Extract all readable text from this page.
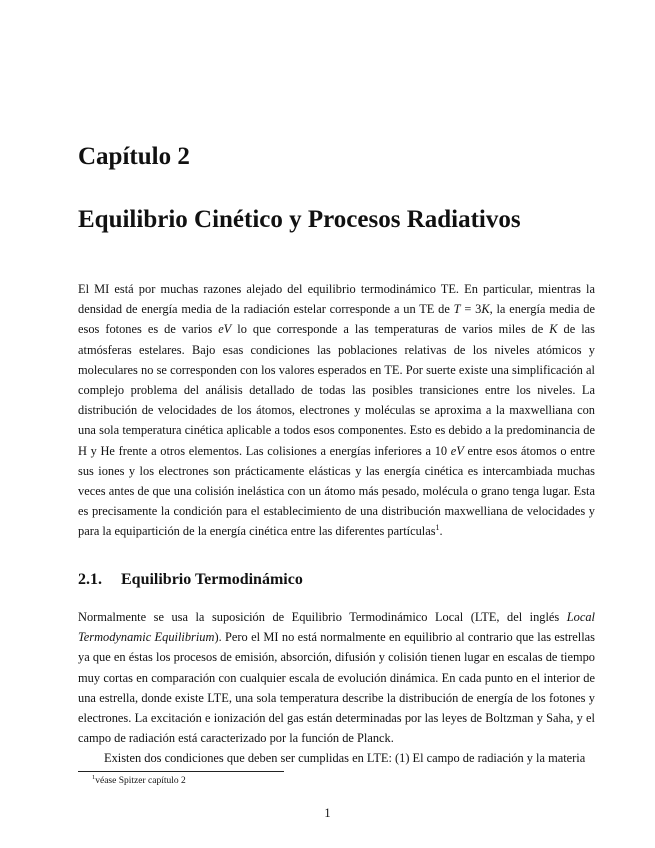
Capítulo 2
Equilibrio Cinético y Procesos Radiativos

El MI está por muchas razones alejado del equilibrio termodinámico TE. En particular, mientras la densidad de energía media de la radiación estelar corresponde a un TE de T = 3K, la energía media de esos fotones es de varios eV lo que corresponde a las temperaturas de varios miles de K de las atmósferas estelares. Bajo esas condiciones las poblaciones relativas de los niveles atómicos y moleculares no se corresponden con los valores esperados en TE. Por suerte existe una simplificación al complejo problema del análisis detallado de todas las posibles transiciones entre los niveles. La distribución de velocidades de los átomos, electrones y moléculas se aproxima a la maxwelliana con una sola temperatura cinética aplicable a todos esos componentes. Esto es debido a la predominancia de H y He frente a otros elementos. Las colisiones a energías inferiores a 10 eV entre esos átomos o entre sus iones y los electrones son prácticamente elásticas y las energía cinética es intercambiada muchas veces antes de que una colisión inelástica con un átomo más pesado, molécula o grano tenga lugar. Esta es precisamente la condición para el establecimiento de una distribución maxwelliana de velocidades y para la equipartición de la energía cinética entre las diferentes partículas$^1$.

2.1. Equilibrio Termodinámico

Normalmente se usa la suposición de Equilibrio Termodinámico Local (LTE, del inglés Local Termodynamic Equilibrium). Pero el MI no está normalmente en equilibrio al contrario que las estrellas ya que en éstas los procesos de emisión, absorción, difusión y colisión tienen lugar en escalas de tiempo muy cortas en comparación con cualquier escala de evolución dinámica. En cada punto en el interior de una estrella, donde existe LTE, una sola temperatura describe la distribución de energía de los fotones y electrones. La excitación e ionización del gas están determinadas por las leyes de Boltzman y Saha, y el campo de radiación está caracterizado por la función de Planck.

Existen dos condiciones que deben ser cumplidas en LTE: (1) El campo de radiación y la materia

$^1$véase Spitzer capítulo 2

1
